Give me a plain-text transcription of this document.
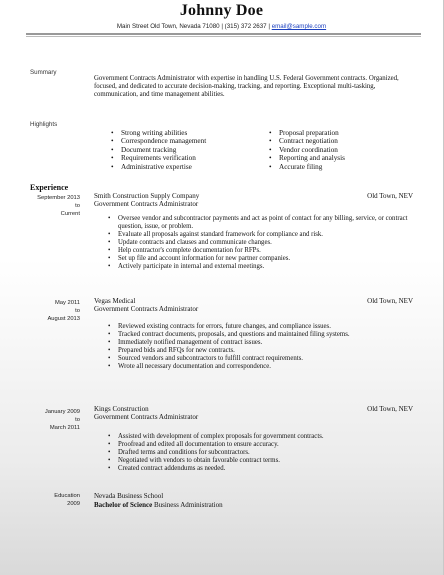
Johnny Doe
Main Street Old Town, Nevada 71080 | (315) 372 2637 | email@sample.com
Summary
Government Contracts Administrator with expertise in handling U.S. Federal Government contracts. Organized, focused, and dedicated to accurate decision-making, tracking, and reporting. Exceptional multi-tasking, communication, and time management abilities.
Highlights
• Strong writing abilities
• Correspondence management
• Document tracking
• Requirements verification
• Administrative expertise
• Proposal preparation
• Contract negotiation
• Vendor coordination
• Reporting and analysis
• Accurate filing
Experience
September 2013
to
Current
Smith Construction Supply Company
Government Contracts Administrator
Old Town, NEV
• Oversee vendor and subcontractor payments and act as point of contact for any billing, service, or contract question, issue, or problem.
• Evaluate all proposals against standard framework for compliance and risk.
• Update contracts and clauses and communicate changes.
• Help contractor's complete documentation for RFPs.
• Set up file and account information for new partner companies.
• Actively participate in internal and external meetings.
May 2011
to
August 2013
Vegas Medical
Government Contracts Administrator
Old Town, NEV
• Reviewed existing contracts for errors, future changes, and compliance issues.
• Tracked contract documents, proposals, and questions and maintained filing systems.
• Immediately notified management of contract issues.
• Prepared bids and RFQs for new contracts.
• Sourced vendors and subcontractors to fulfill contract requirements.
• Wrote all necessary documentation and correspondence.
January 2009
to
March 2011
Kings Construction
Government Contracts Administrator
Old Town, NEV
• Assisted with development of complex proposals for government contracts.
• Proofread and edited all documentation to ensure accuracy.
• Drafted terms and conditions for subcontractors.
• Negotiated with vendors to obtain favorable contract terms.
• Created contract addendums as needed.
Education
2009
Nevada Business School
Bachelor of Science Business Administration
